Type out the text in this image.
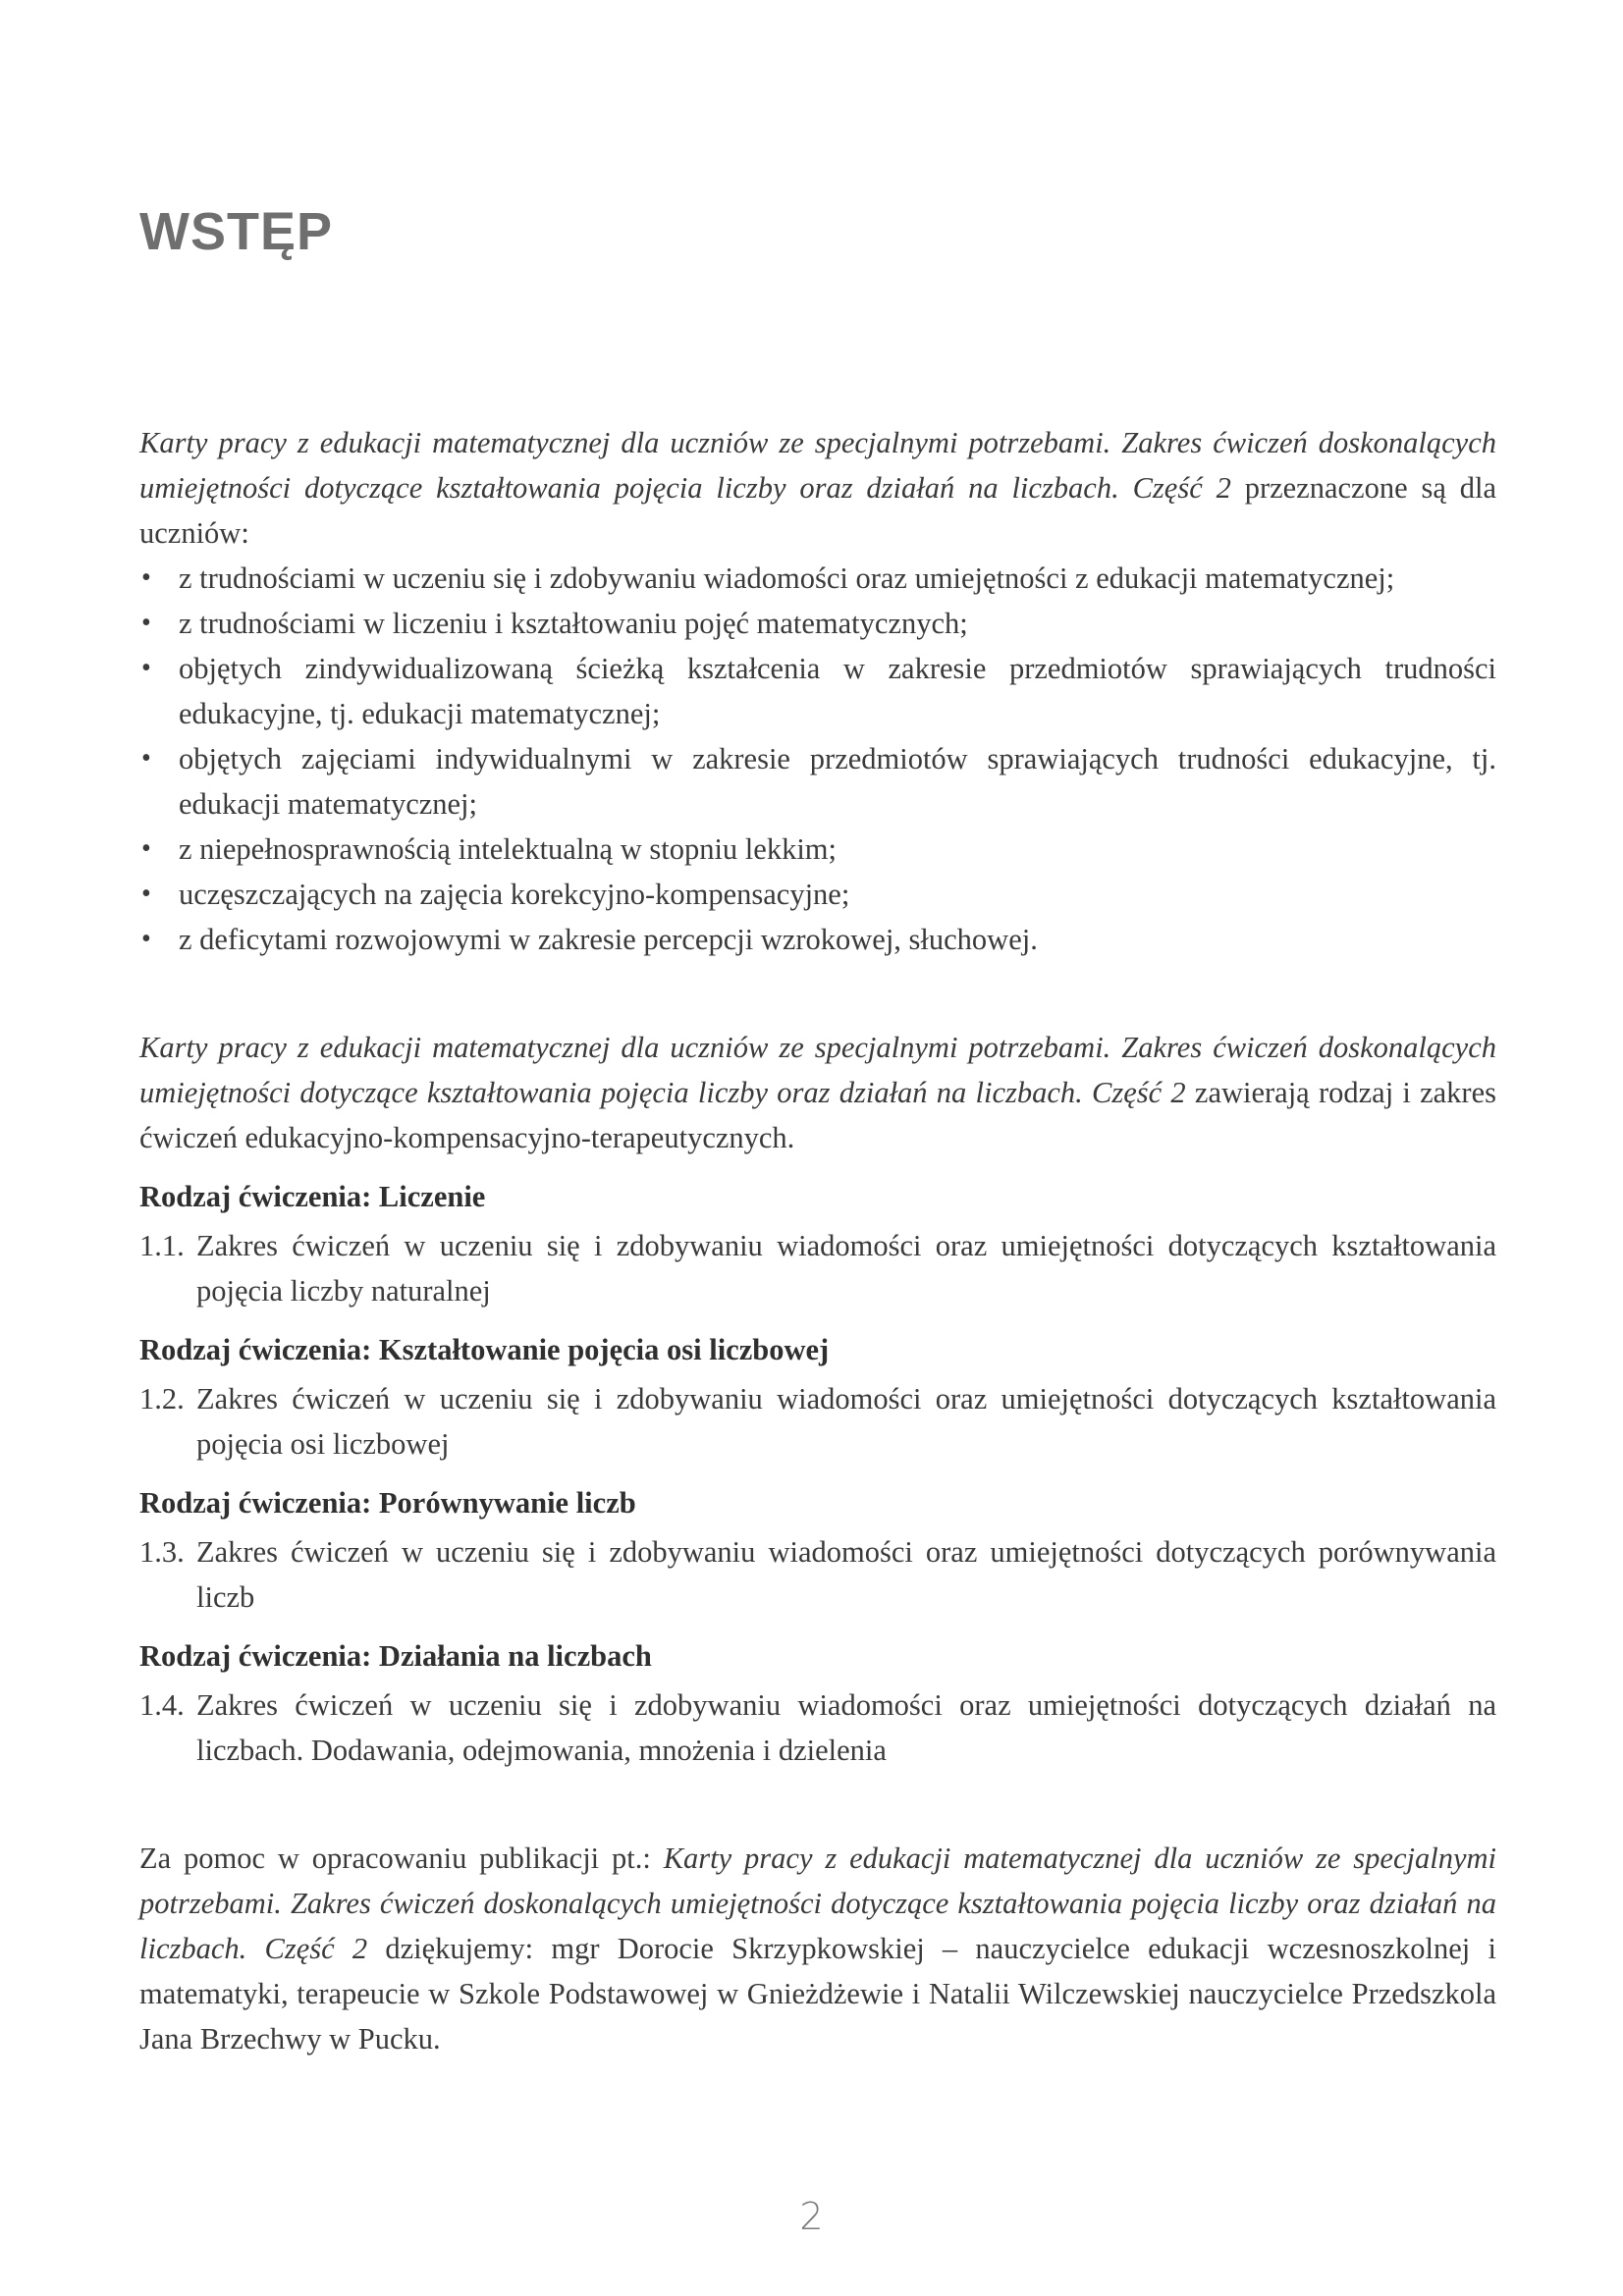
WSTĘP

Karty pracy z edukacji matematycznej dla uczniów ze specjalnymi potrzebami. Zakres ćwiczeń doskonalących umiejętności dotyczące kształtowania pojęcia liczby oraz działań na liczbach. Część 2 przeznaczone są dla uczniów:

• z trudnościami w uczeniu się i zdobywaniu wiadomości oraz umiejętności z edukacji matematycznej;
• z trudnościami w liczeniu i kształtowaniu pojęć matematycznych;
• objętych zindywidualizowaną ścieżką kształcenia w zakresie przedmiotów sprawiających trudności edukacyjne, tj. edukacji matematycznej;
• objętych zajęciami indywidualnymi w zakresie przedmiotów sprawiających trudności edukacyjne, tj. edukacji matematycznej;
• z niepełnosprawnością intelektualną w stopniu lekkim;
• uczęszczających na zajęcia korekcyjno-kompensacyjne;
• z deficytami rozwojowymi w zakresie percepcji wzrokowej, słuchowej.

Karty pracy z edukacji matematycznej dla uczniów ze specjalnymi potrzebami. Zakres ćwiczeń doskonalących umiejętności dotyczące kształtowania pojęcia liczby oraz działań na liczbach. Część 2 zawierają rodzaj i zakres ćwiczeń edukacyjno-kompensacyjno-terapeutycznych.

Rodzaj ćwiczenia: Liczenie
1.1. Zakres ćwiczeń w uczeniu się i zdobywaniu wiadomości oraz umiejętności dotyczących kształtowania pojęcia liczby naturalnej
Rodzaj ćwiczenia: Kształtowanie pojęcia osi liczbowej
1.2. Zakres ćwiczeń w uczeniu się i zdobywaniu wiadomości oraz umiejętności dotyczących kształtowania pojęcia osi liczbowej
Rodzaj ćwiczenia: Porównywanie liczb
1.3. Zakres ćwiczeń w uczeniu się i zdobywaniu wiadomości oraz umiejętności dotyczących porównywania liczb
Rodzaj ćwiczenia: Działania na liczbach
1.4. Zakres ćwiczeń w uczeniu się i zdobywaniu wiadomości oraz umiejętności dotyczących działań na liczbach. Dodawania, odejmowania, mnożenia i dzielenia

Za pomoc w opracowaniu publikacji pt.: Karty pracy z edukacji matematycznej dla uczniów ze specjalnymi potrzebami. Zakres ćwiczeń doskonalących umiejętności dotyczące kształtowania pojęcia liczby oraz działań na liczbach. Część 2 dziękujemy: mgr Dorocie Skrzypkowskiej – nauczycielce edukacji wczesnoszkolnej i matematyki, terapeucie w Szkole Podstawowej w Gnieżdżewie i Natalii Wilczewskiej nauczycielce Przedszkola Jana Brzechwy w Pucku.

2
